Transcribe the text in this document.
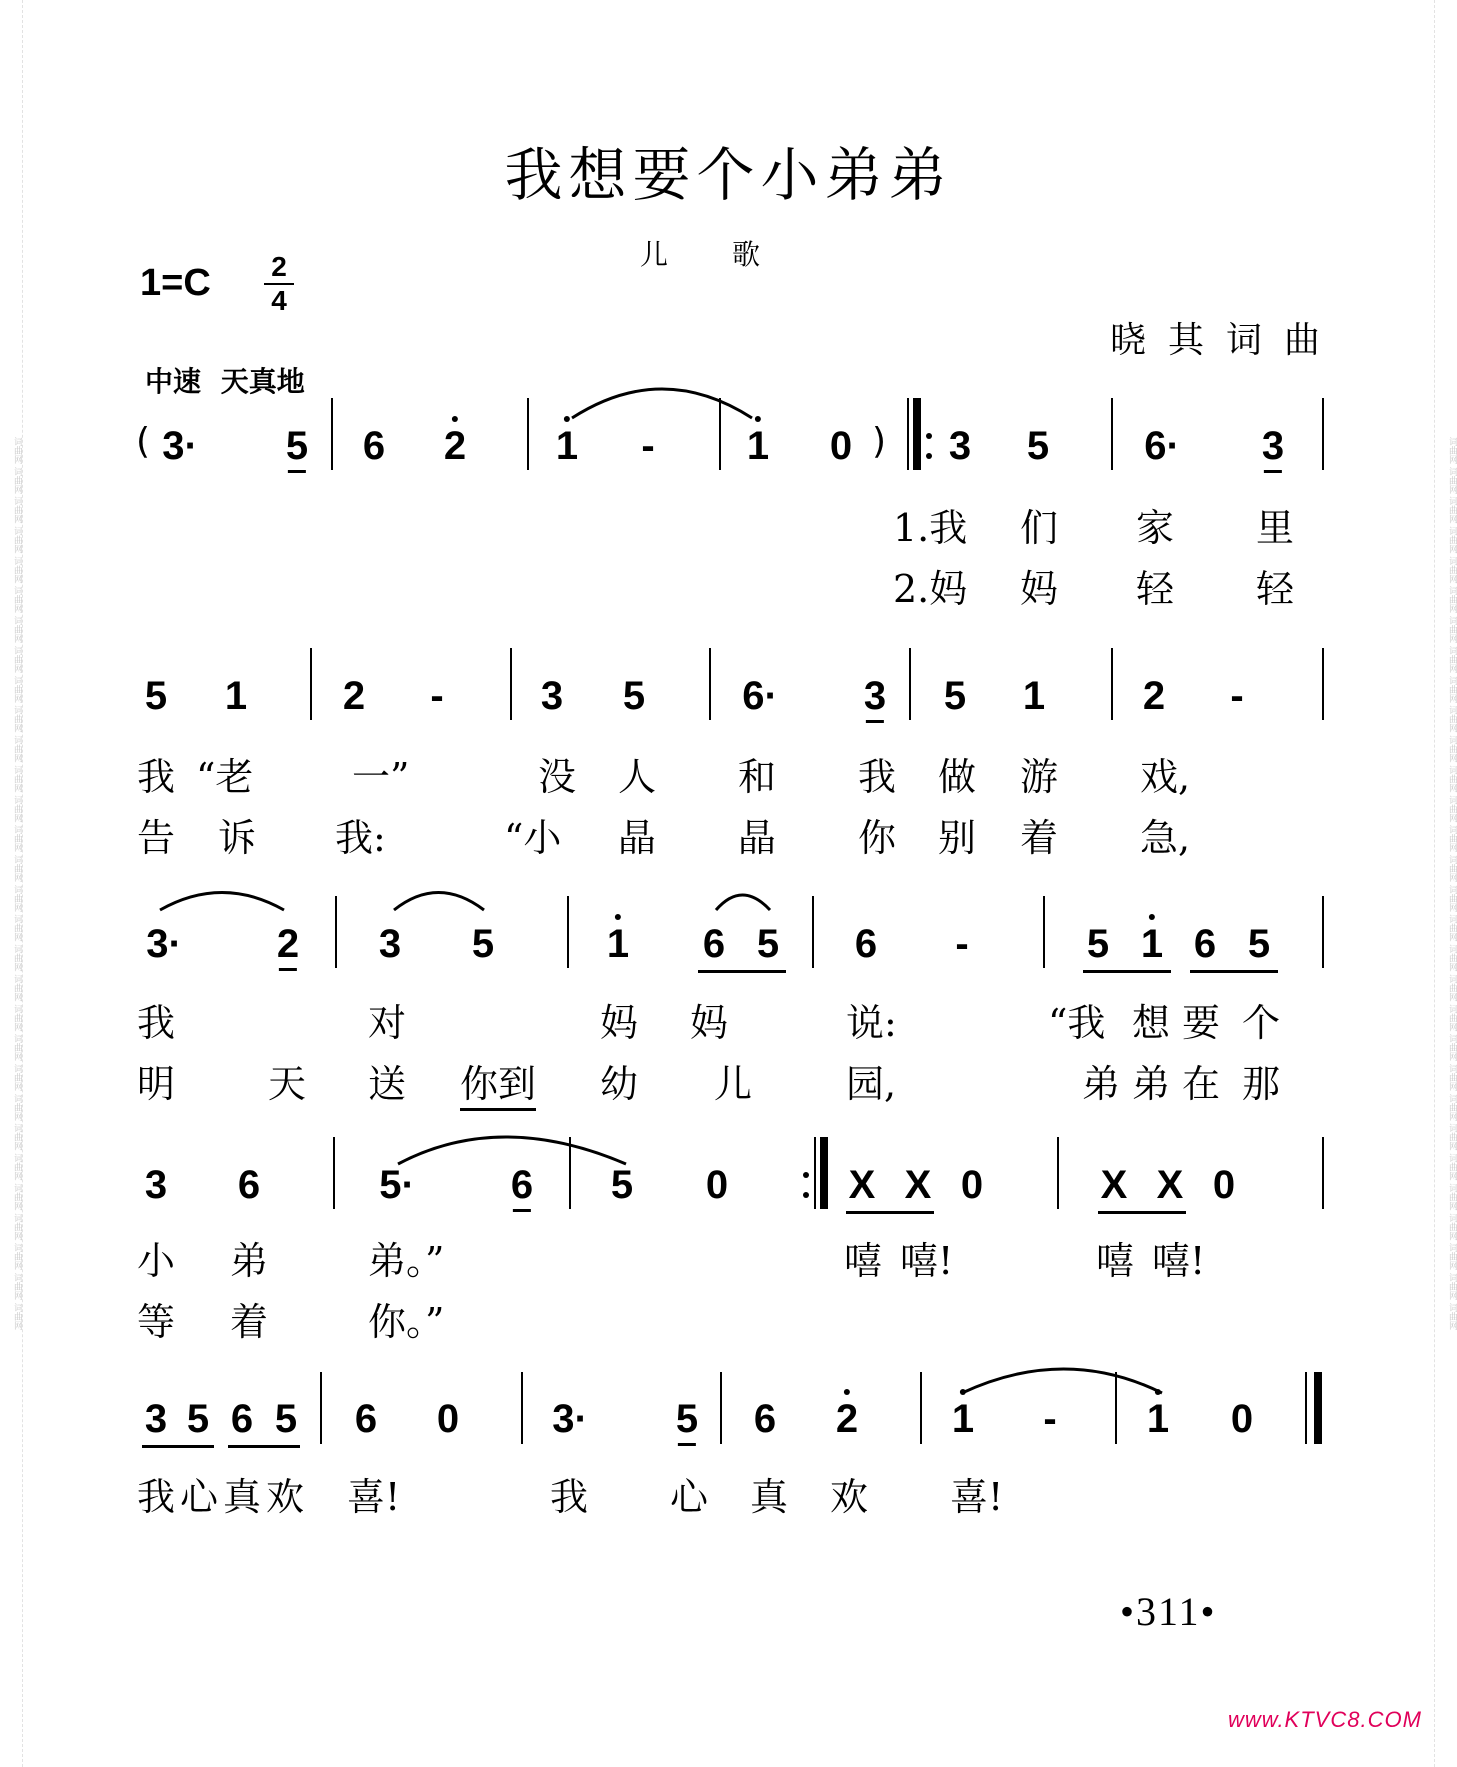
词曲网 词曲网 词曲网 词曲网 词曲网 词曲网 词曲网 词曲网 词曲网 词曲网 词曲网 词曲网 词曲网 词曲网 词曲网 词曲网 词曲网 词曲网 词曲网 词曲网 词曲网 词曲网 词曲网 词曲网 词曲网 词曲网 词曲网 词曲网 词曲网 词曲网	词曲网 词曲网 词曲网 词曲网 词曲网 词曲网 词曲网 词曲网 词曲网 词曲网 词曲网 词曲网 词曲网 词曲网 词曲网 词曲网 词曲网 词曲网 词曲网 词曲网 词曲网 词曲网 词曲网 词曲网 词曲网 词曲网 词曲网 词曲网 词曲网 词曲网
我想要个小弟弟
儿歌
1=C 2
4
晓其词曲
中速 天真地
( 3· 5 6 2 1 - 1 0 ) 3 5 6· 3
1.我 们 家 里
2.妈 妈 轻 轻
5 1 2 - 3 5 6· 3 5 1 2 -
我 “老	一”	没 人 和 我 做 游 戏,
告 诉 我:	“小 晶 晶 你 别 着 急,
3· 2 3 5	1 6 5 6 -	5 1 6 5
我	对	妈 妈	说:	“我 想 要 个
明 天 送 你到 幼 儿 园,	弟 弟 在 那
3 6	5· 6 5 0	X X 0	X X 0
小 弟	弟。”	嘻 嘻!	嘻 嘻!
等 着	你。”
3 5 6 5 6 0 3· 5 6 2 1 - 1 0
我 心 真 欢 喜!	我 心 真 欢 喜!
•311•
www.KTVC8.COM
